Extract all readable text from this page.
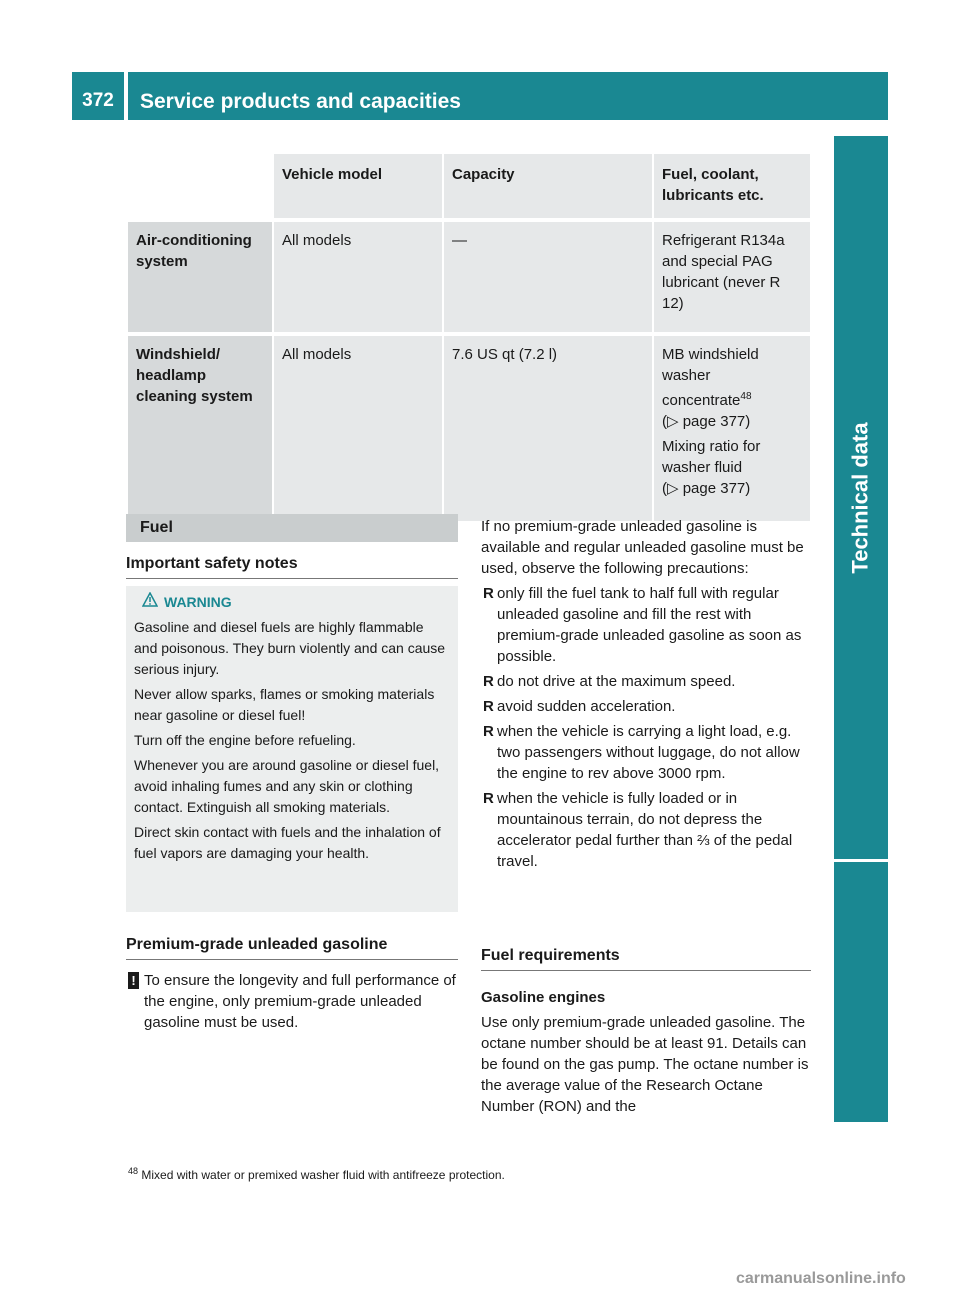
372	Service products and capacities
Technical data
	Vehicle model	Capacity	Fuel, coolant, lubricants etc.
Air-conditioning system	All models	—	Refrigerant R134a and special PAG lubricant (never R 12)
Windshield/ headlamp cleaning system	All models	7.6 US qt (7.2 l)	MB windshield washer concentrate$^{48}$
(▷ page 377)
Mixing ratio for washer fluid
(▷ page 377)
Fuel
Important safety notes
WARNING

Gasoline and diesel fuels are highly flammable and poisonous. They burn violently and can cause serious injury.

Never allow sparks, flames or smoking materials near gasoline or diesel fuel!

Turn off the engine before refueling.

Whenever you are around gasoline or diesel fuel, avoid inhaling fumes and any skin or clothing contact. Extinguish all smoking materials.

Direct skin contact with fuels and the inhalation of fuel vapors are damaging your health.

Premium-grade unleaded gasoline
! To ensure the longevity and full performance of the engine, only premium-grade unleaded gasoline must be used.

If no premium-grade unleaded gasoline is available and regular unleaded gasoline must be used, observe the following precautions:

R only fill the fuel tank to half full with regular unleaded gasoline and fill the rest with premium-grade unleaded gasoline as soon as possible.
R do not drive at the maximum speed.
R avoid sudden acceleration.
R when the vehicle is carrying a light load, e.g. two passengers without luggage, do not allow the engine to rev above 3000 rpm.
R when the vehicle is fully loaded or in mountainous terrain, do not depress the accelerator pedal further than ⅔ of the pedal travel.
Fuel requirements

Gasoline engines

Use only premium-grade unleaded gasoline. The octane number should be at least 91. Details can be found on the gas pump. The octane number is the average value of the Research Octane Number (RON) and the

$^{48}$ Mixed with water or premixed washer fluid with antifreeze protection.
carmanualsonline.info
